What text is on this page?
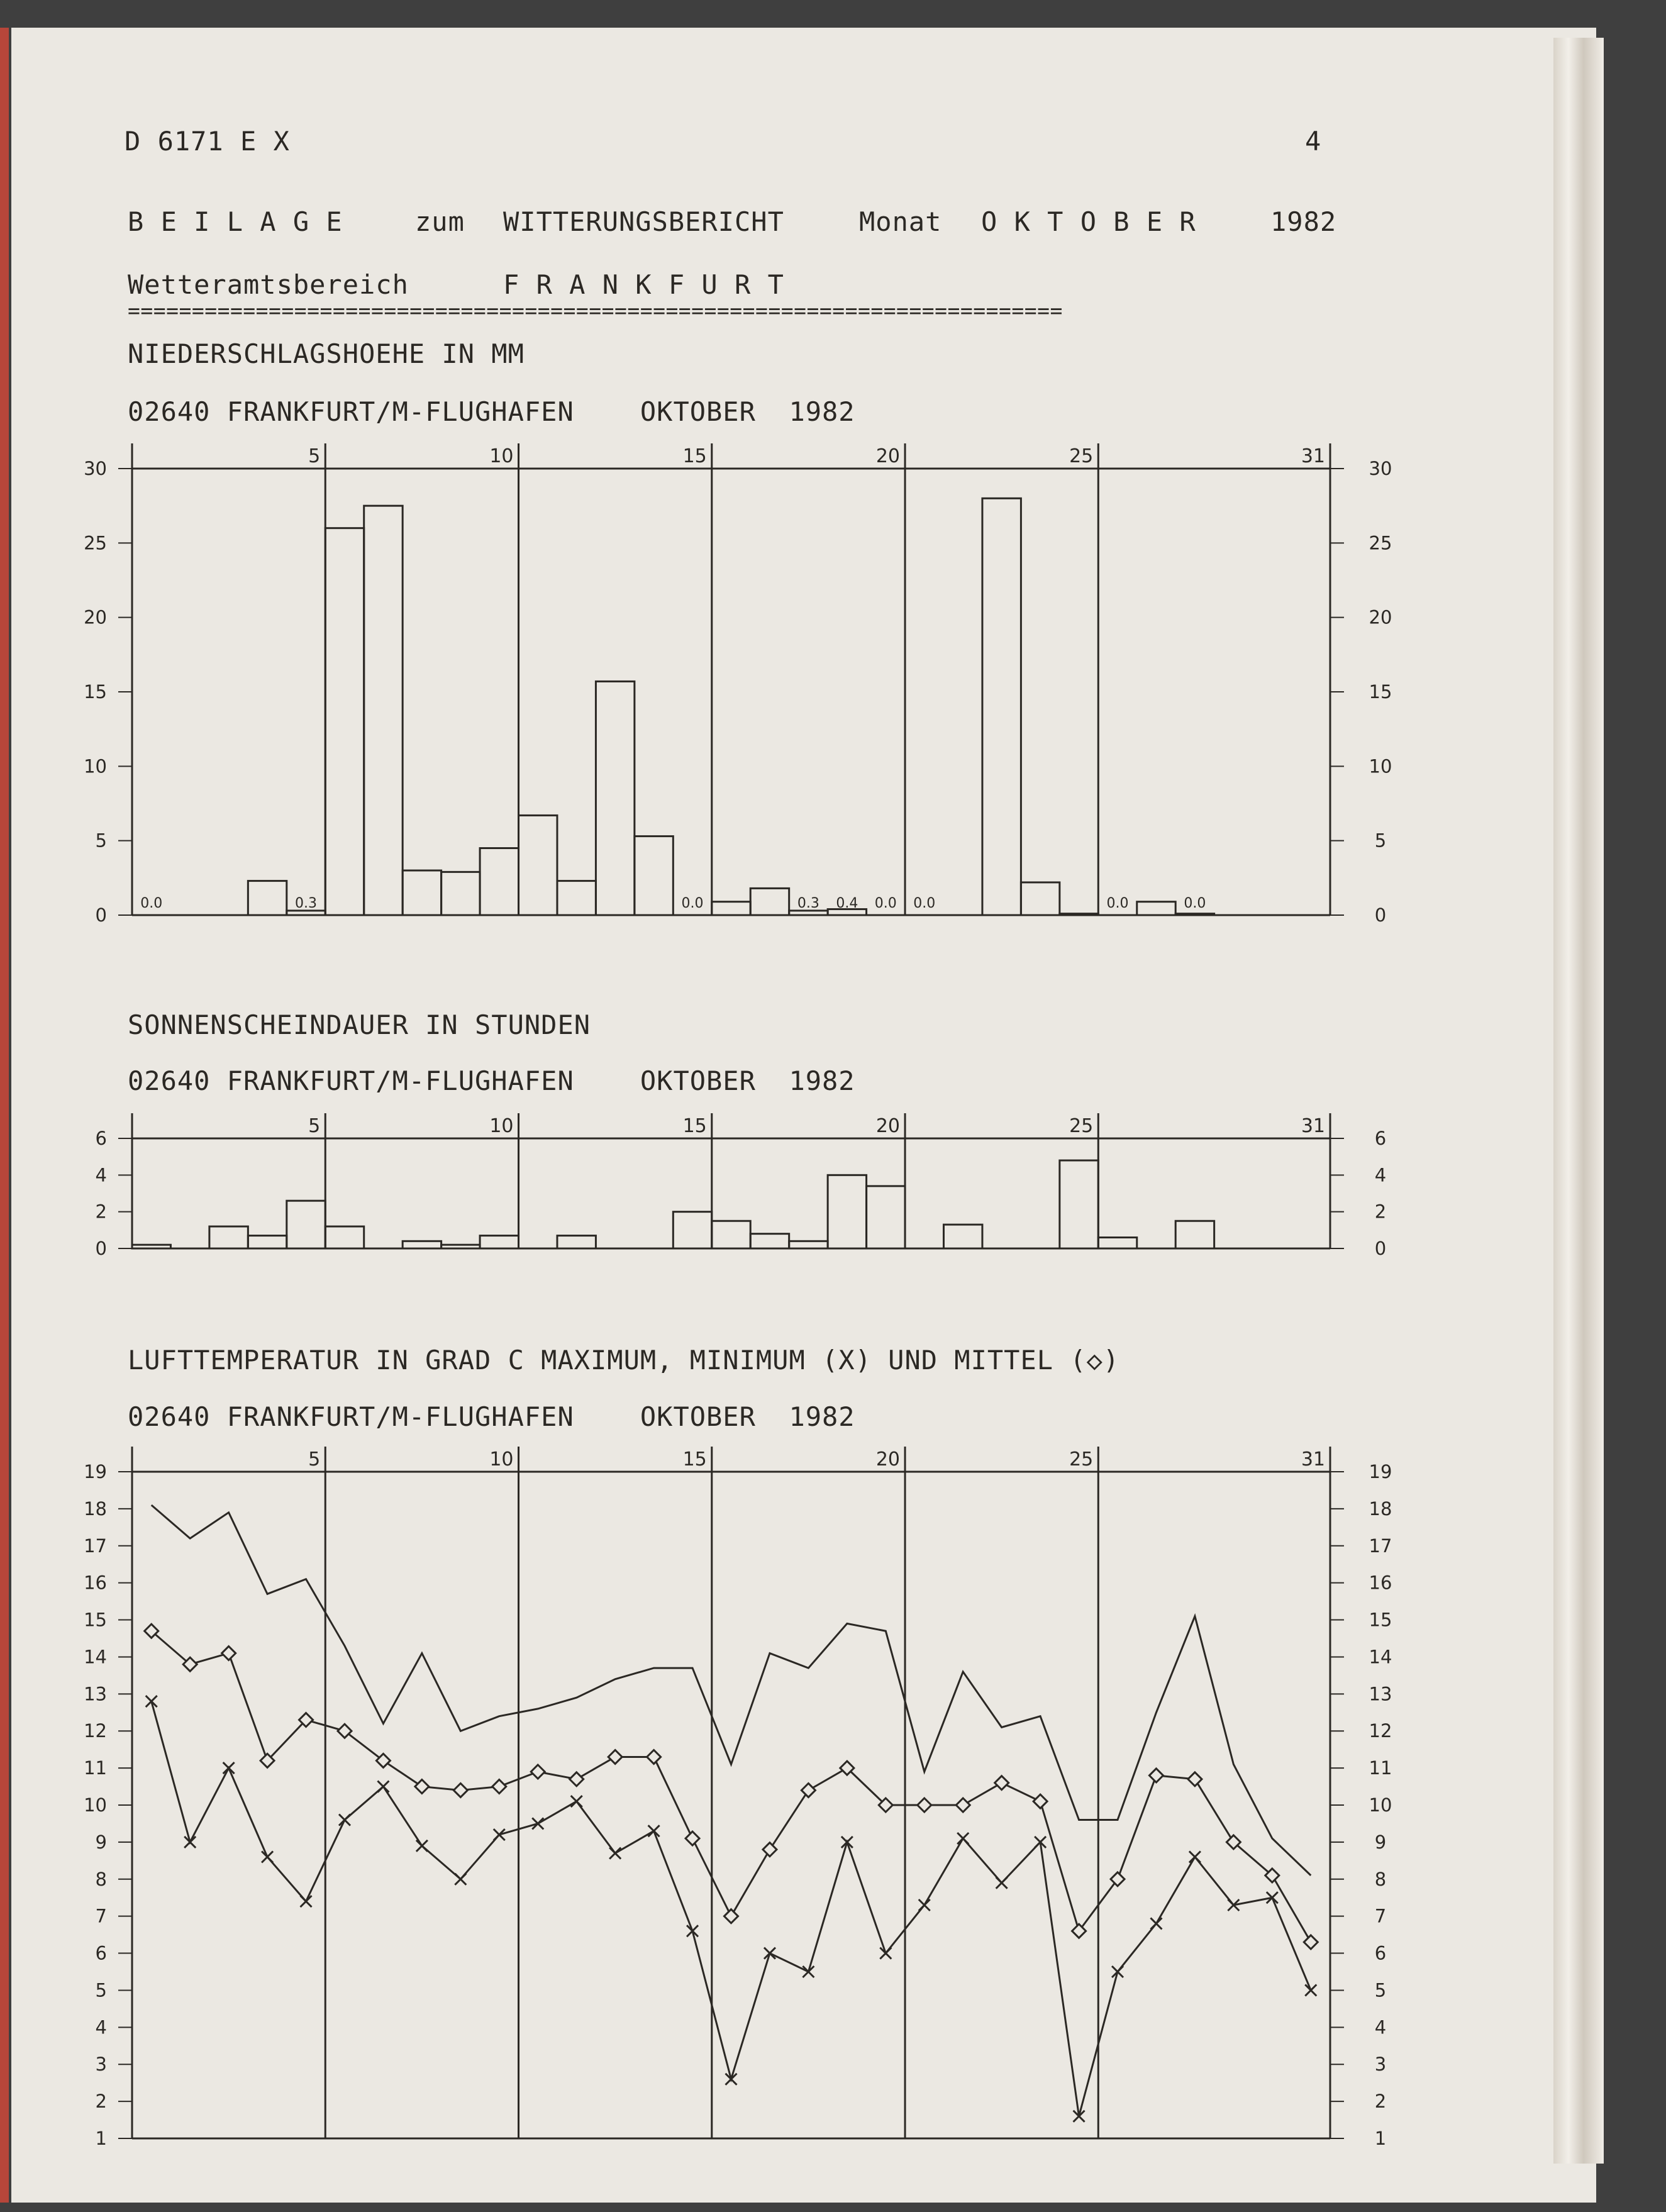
D 6171 E X	4
B E I L A G E	zum WITTERUNGSBERICHT	Monat O K T O B E R	1982
Wetteramtsbereich	F R A N K F U R T
=========================================================================
NIEDERSCHLAGSHOEHE IN MM
02640 FRANKFURT/M-FLUGHAFEN    OKTOBER  1982
SONNENSCHEINDAUER IN STUNDEN
02640 FRANKFURT/M-FLUGHAFEN    OKTOBER  1982
LUFTTEMPERATUR IN GRAD C MAXIMUM, MINIMUM (X) UND MITTEL (◇)
02640 FRANKFURT/M-FLUGHAFEN    OKTOBER  1982
5	10	15	20	25	31
0	0
5	5
10	10
15	15
20	20
25	25
30	30
0.0	0.3	0.0	0.3 0.4 0.0 0.0	0.0	0.0
5	10	15	20	25	31
0	0
2	2
4	4
6	6
5	10	15	20	25	31
1	1
2	2
3	3
4	4
5	5
6	6
7	7
8	8
9	9
10	10
11	11
12	12
13	13
14	14
15	15
16	16
17	17
18	18
19	19
